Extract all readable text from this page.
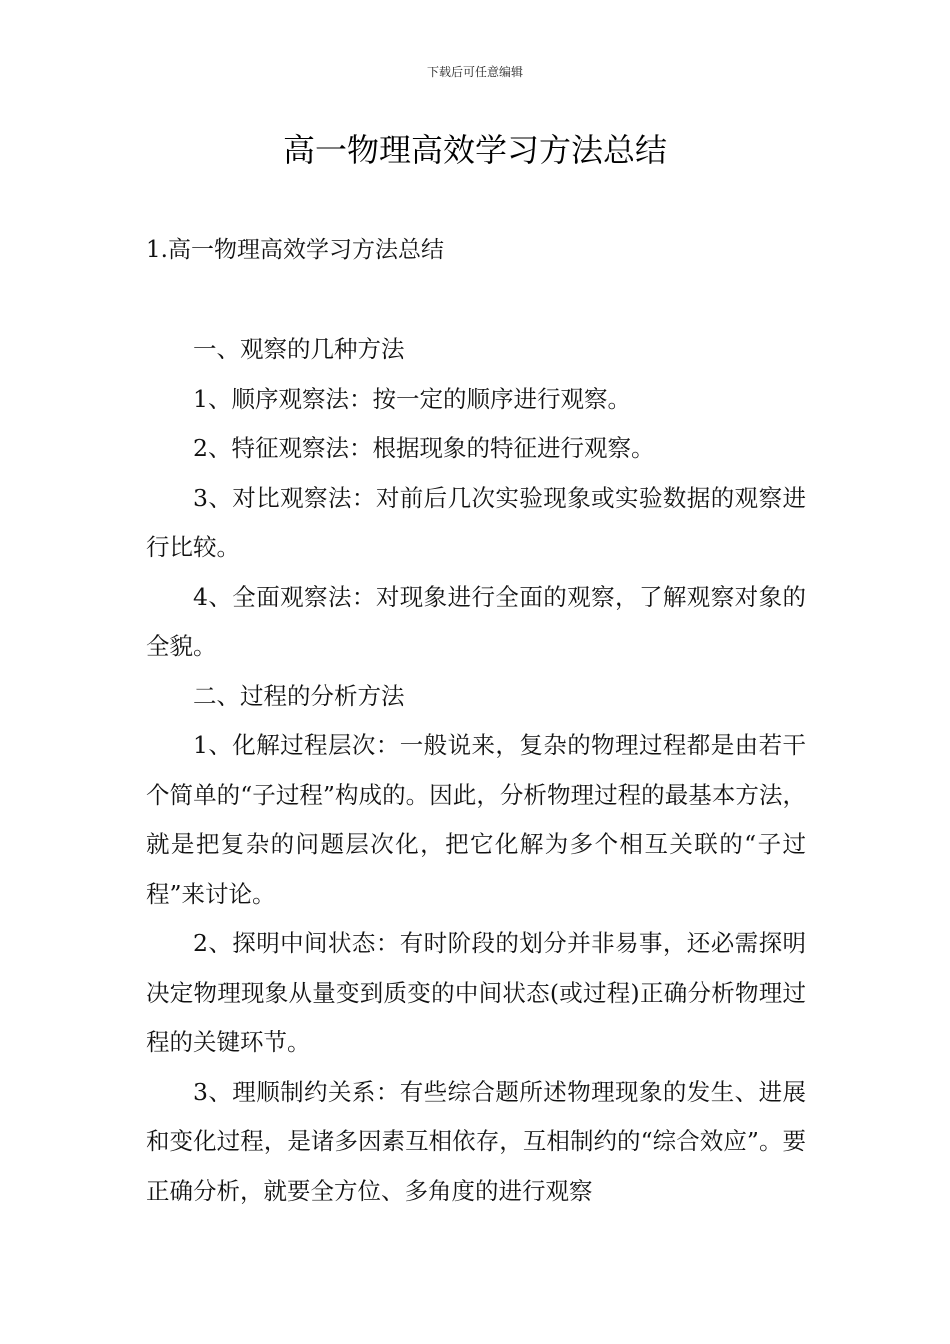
下载后可任意编辑
高一物理高效学习方法总结
1.高一物理高效学习方法总结

一、观察的几种方法

1、顺序观察法：按一定的顺序进行观察。

2、特征观察法：根据现象的特征进行观察。

3、对比观察法：对前后几次实验现象或实验数据的观察进行比较。

4、全面观察法：对现象进行全面的观察，了解观察对象的全貌。

二、过程的分析方法

1、化解过程层次：一般说来，复杂的物理过程都是由若干个简单的“子过程”构成的。因此，分析物理过程的最基本方法，就是把复杂的问题层次化，把它化解为多个相互关联的“子过程”来讨论。

2、探明中间状态：有时阶段的划分并非易事，还必需探明决定物理现象从量变到质变的中间状态(或过程)正确分析物理过程的关键环节。

3、理顺制约关系：有些综合题所述物理现象的发生、进展和变化过程，是诸多因素互相依存，互相制约的“综合效应”。要正确分析，就要全方位、多角度的进行观察
